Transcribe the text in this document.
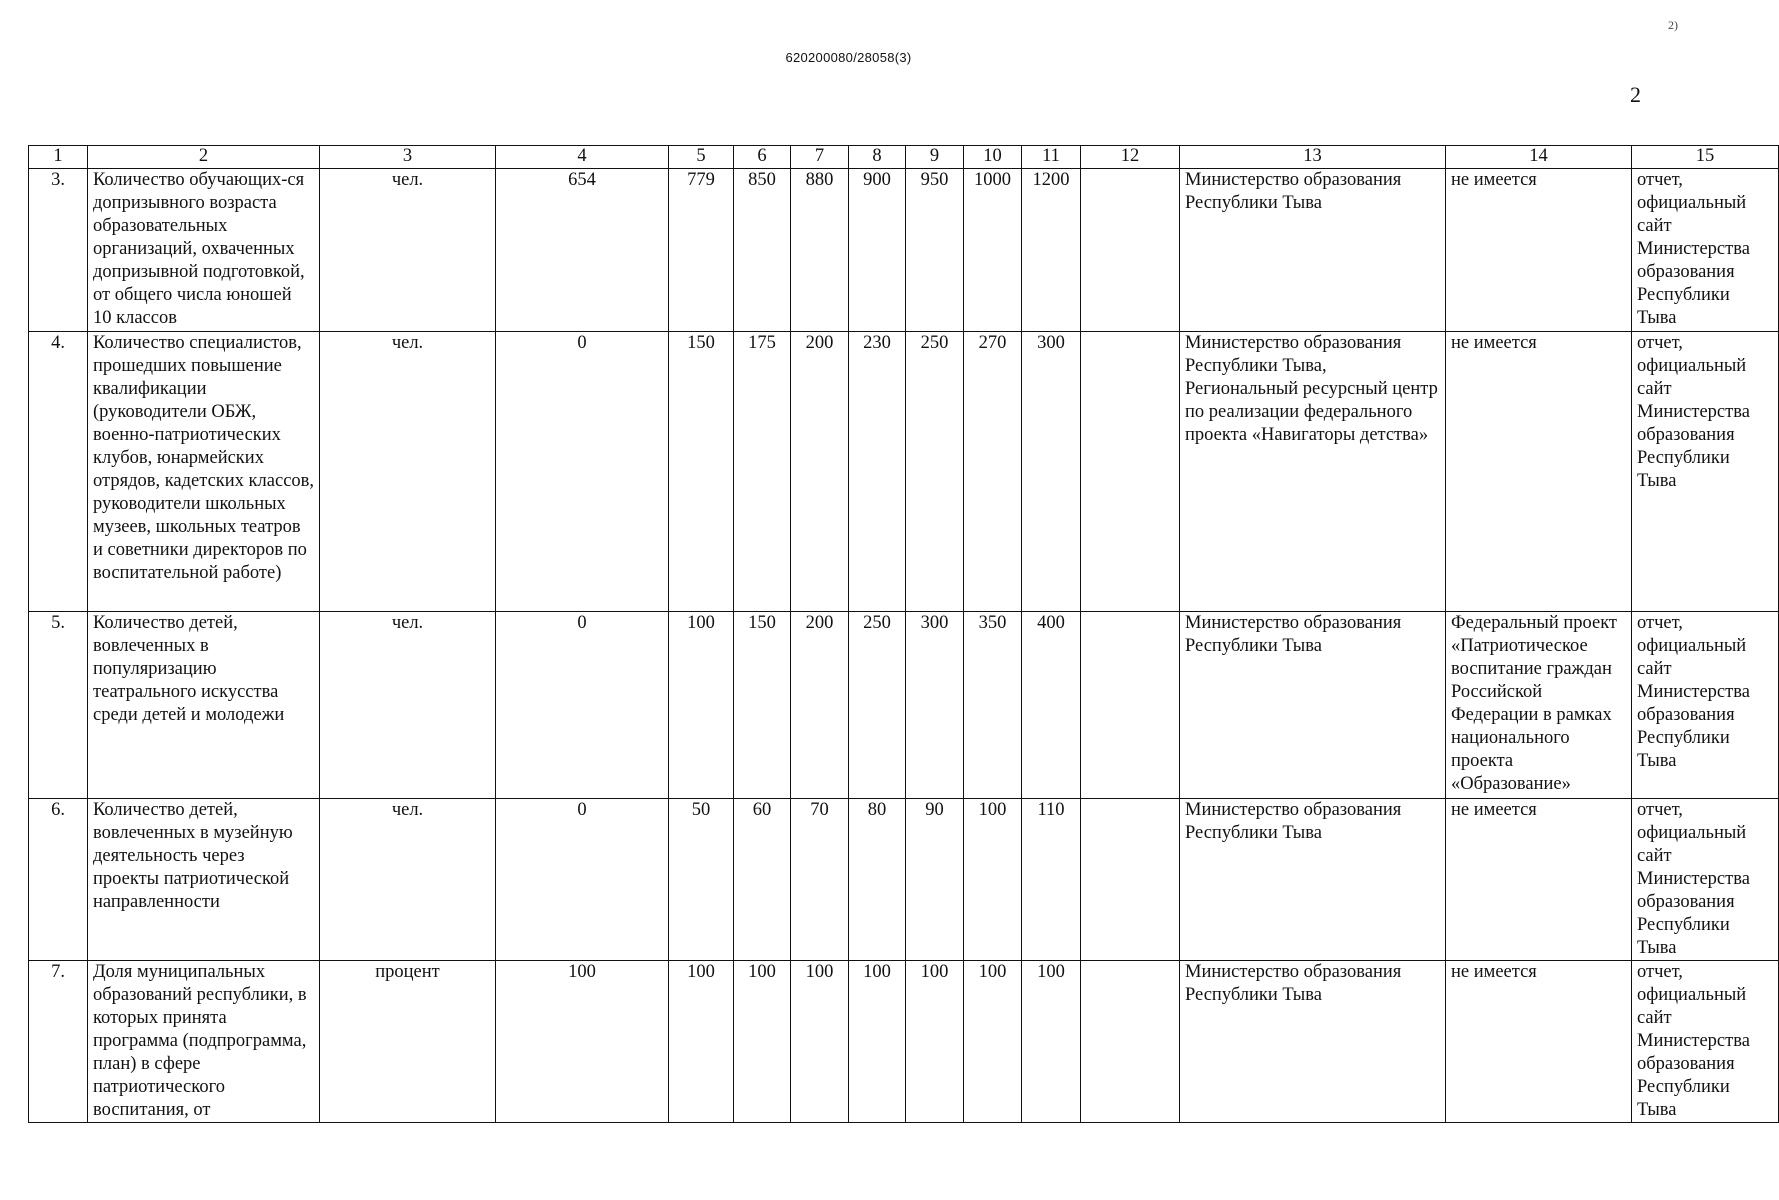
620200080/28058(3)
2
2)
1	2	3	4	5	6	7	8	9	10	11	12	13	14	15
3.	Количество обучающих-ся допризывного возраста образовательных организаций, охваченных допризывной подготовкой, от общего числа юношей 10 классов	чел.	654	779	850	880	900	950	1000	1200		Министерство образования Республики Тыва	не имеется	отчет, официальный сайт Министерства образования Республики Тыва
4.	Количество специалистов, прошедших повышение квалификации (руководители ОБЖ, военно-патриотических клубов, юнармейских отрядов, кадетских классов, руководители школьных музеев, школьных театров и советники директоров по воспитательной работе)	чел.	0	150	175	200	230	250	270	300		Министерство образования Республики Тыва, Региональный ресурсный центр по реализации федерального проекта «Навигаторы детства»	не имеется	отчет, официальный сайт Министерства образования Республики Тыва
5.	Количество детей, вовлеченных в популяризацию театрального искусства среди детей и молодежи	чел.	0	100	150	200	250	300	350	400		Министерство образования Республики Тыва	Федеральный проект «Патриотическое воспитание граждан Российской Федерации в рамках национального проекта «Образование»	отчет, официальный сайт Министерства образования Республики Тыва
6.	Количество детей, вовлеченных в музейную деятельность через проекты патриотической направленности	чел.	0	50	60	70	80	90	100	110		Министерство образования Республики Тыва	не имеется	отчет, официальный сайт Министерства образования Республики Тыва
7.	Доля муниципальных образований республики, в которых принята программа (подпрограмма, план) в сфере патриотического воспитания, от	процент	100	100	100	100	100	100	100	100		Министерство образования Республики Тыва	не имеется	отчет, официальный сайт Министерства образования Республики Тыва
